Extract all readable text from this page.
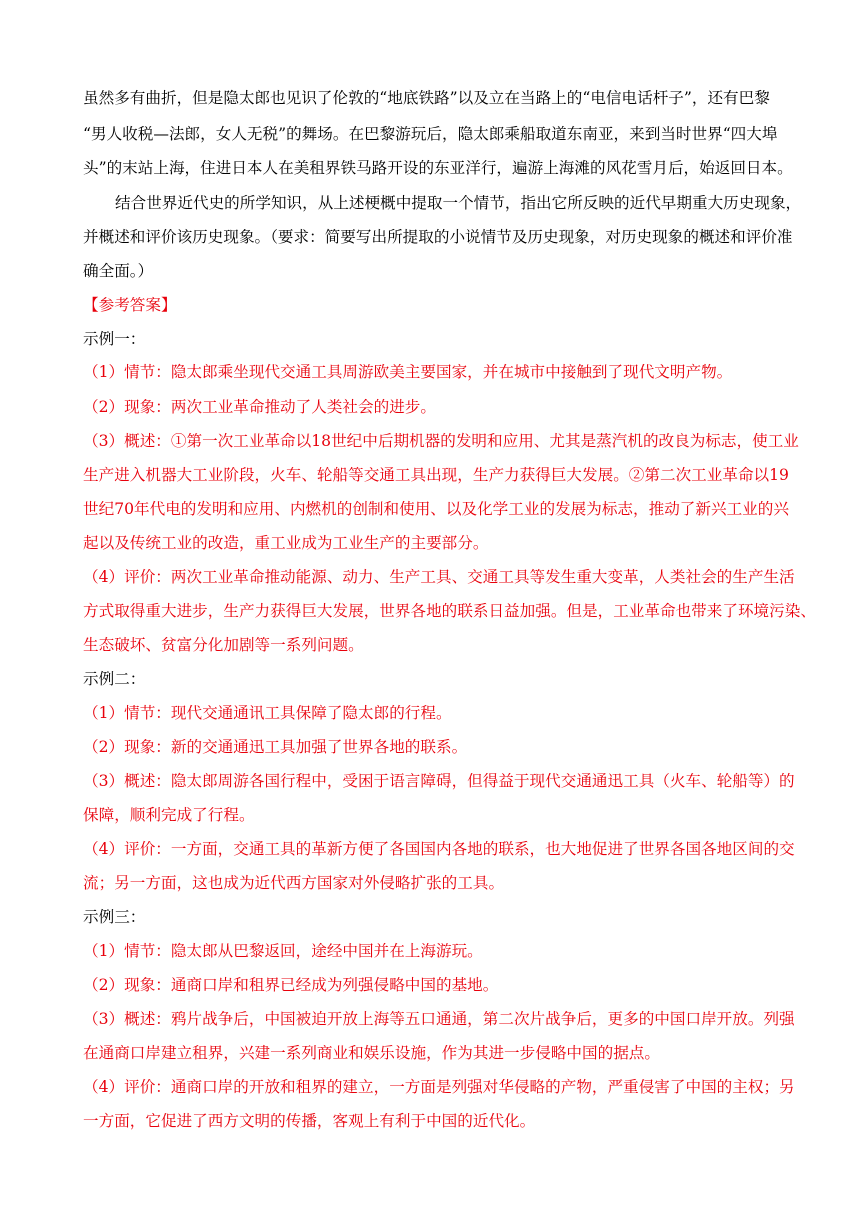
虽然多有曲折，但是隐太郎也见识了伦敦的“地底铁路”以及立在当路上的“电信电话杆子”，还有巴黎
“男人收税—法郎，女人无税”的舞场。在巴黎游玩后，隐太郎乘船取道东南亚，来到当时世界“四大埠
头”的末站上海，住进日本人在美租界铁马路开设的东亚洋行，遍游上海滩的风花雪月后，始返回日本。
结合世界近代史的所学知识，从上述梗概中提取一个情节，指出它所反映的近代早期重大历史现象，
并概述和评价该历史现象。（要求：简要写出所提取的小说情节及历史现象，对历史现象的概述和评价准
确全面。）
【参考答案】
示例一：
（1）情节：隐太郎乘坐现代交通工具周游欧美主要国家，并在城市中接触到了现代文明产物。
（2）现象：两次工业革命推动了人类社会的进步。
（3）概述：①第一次工业革命以18世纪中后期机器的发明和应用、尤其是蒸汽机的改良为标志，使工业
生产进入机器大工业阶段，火车、轮船等交通工具出现，生产力获得巨大发展。②第二次工业革命以19
世纪70年代电的发明和应用、内燃机的创制和使用、以及化学工业的发展为标志，推动了新兴工业的兴
起以及传统工业的改造，重工业成为工业生产的主要部分。
（4）评价：两次工业革命推动能源、动力、生产工具、交通工具等发生重大变革，人类社会的生产生活
方式取得重大进步，生产力获得巨大发展，世界各地的联系日益加强。但是，工业革命也带来了环境污染、
生态破坏、贫富分化加剧等一系列问题。
示例二：
（1）情节：现代交通通讯工具保障了隐太郎的行程。
（2）现象：新的交通通迅工具加强了世界各地的联系。
（3）概述：隐太郎周游各国行程中，受困于语言障碍，但得益于现代交通通迅工具（火车、轮船等）的
保障，顺利完成了行程。
（4）评价：一方面，交通工具的革新方便了各国国内各地的联系，也大地促进了世界各国各地区间的交
流；另一方面，这也成为近代西方国家对外侵略扩张的工具。
示例三：
（1）情节：隐太郎从巴黎返回，途经中国并在上海游玩。
（2）现象：通商口岸和租界已经成为列强侵略中国的基地。
（3）概述：鸦片战争后，中国被迫开放上海等五口通通，第二次片战争后，更多的中国口岸开放。列强
在通商口岸建立租界，兴建一系列商业和娱乐设施，作为其进一步侵略中国的据点。
（4）评价：通商口岸的开放和租界的建立，一方面是列强对华侵略的产物，严重侵害了中国的主权；另
一方面，它促进了西方文明的传播，客观上有利于中国的近代化。
